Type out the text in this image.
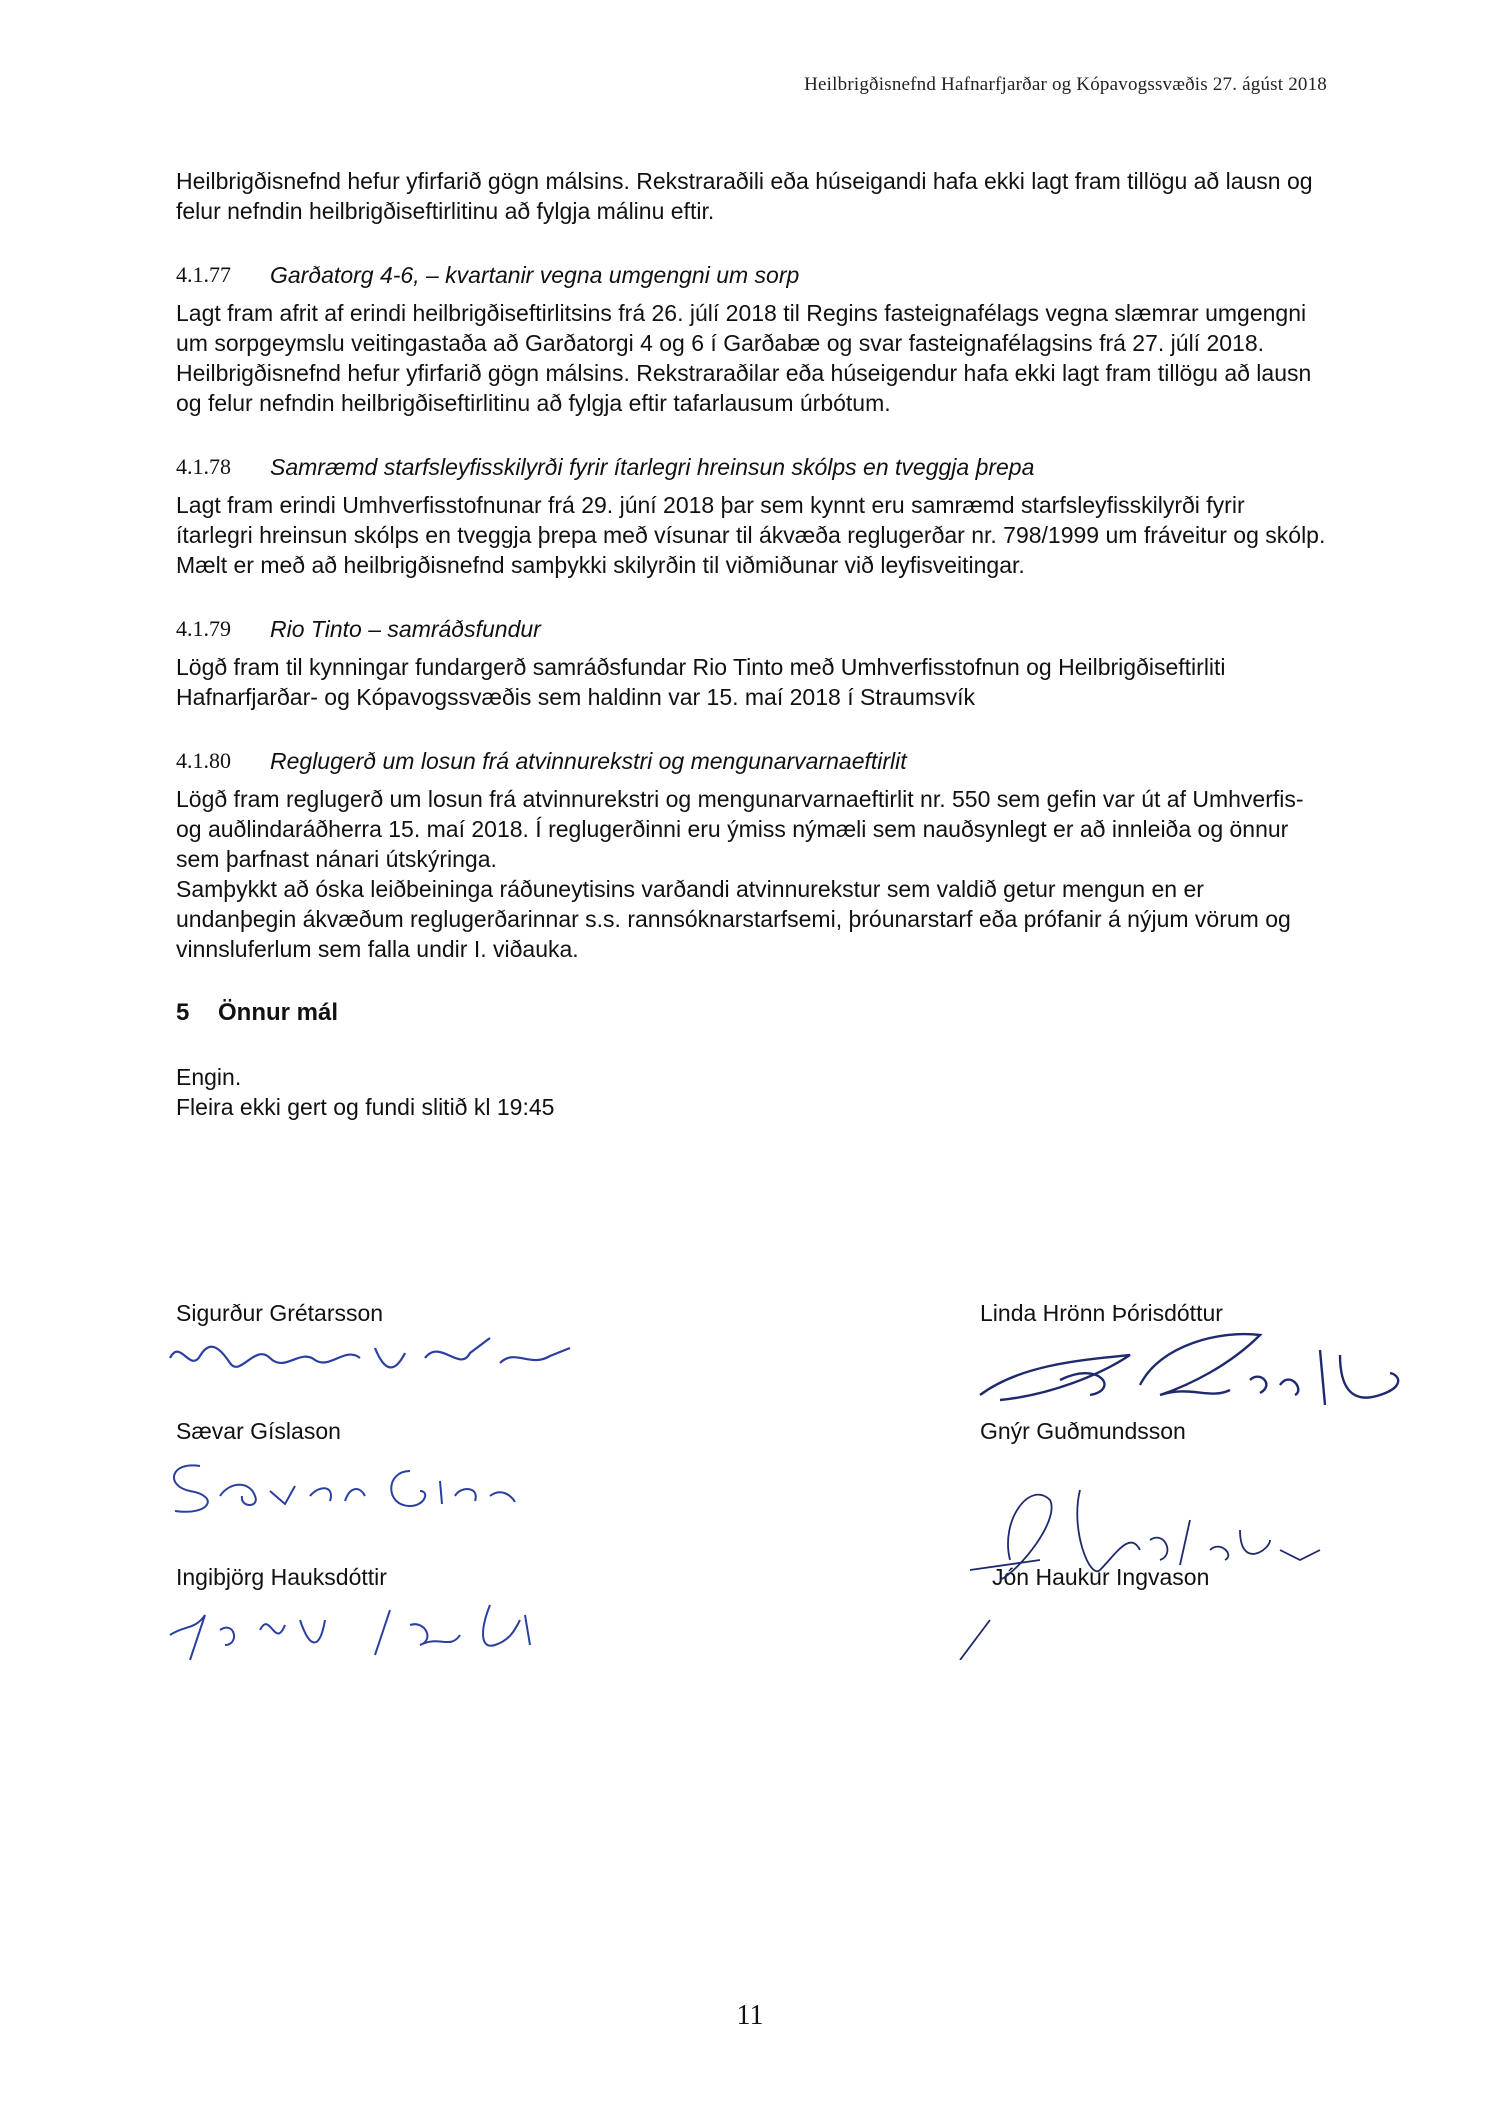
Heilbrigðisnefnd Hafnarfjarðar og Kópavogssvæðis 27. ágúst 2018

Heilbrigðisnefnd hefur yfirfarið gögn málsins. Rekstraraðili eða húseigandi hafa ekki lagt fram tillögu að lausn og felur nefndin heilbrigðiseftirlitinu að fylgja málinu eftir.

4.1.77	Garðatorg 4-6, – kvartanir vegna umgengni um sorp

Lagt fram afrit af erindi heilbrigðiseftirlitsins frá 26. júlí 2018 til Regins fasteignafélags vegna slæmrar umgengni um sorpgeymslu veitingastaða að Garðatorgi 4 og 6 í Garðabæ og svar fasteignafélagsins frá 27. júlí 2018.

Heilbrigðisnefnd hefur yfirfarið gögn málsins. Rekstraraðilar eða húseigendur hafa ekki lagt fram tillögu að lausn og felur nefndin heilbrigðiseftirlitinu að fylgja eftir tafarlausum úrbótum.

4.1.78	Samræmd starfsleyfisskilyrði fyrir ítarlegri hreinsun skólps en tveggja þrepa

Lagt fram erindi Umhverfisstofnunar frá 29. júní 2018 þar sem kynnt eru samræmd starfsleyfisskilyrði fyrir ítarlegri hreinsun skólps en tveggja þrepa með vísunar til ákvæða reglugerðar nr. 798/1999 um fráveitur og skólp.

Mælt er með að heilbrigðisnefnd samþykki skilyrðin til viðmiðunar við leyfisveitingar.

4.1.79	Rio Tinto – samráðsfundur

Lögð fram til kynningar fundargerð samráðsfundar Rio Tinto með Umhverfisstofnun og Heilbrigðiseftirliti Hafnarfjarðar- og Kópavogssvæðis sem haldinn var 15. maí 2018 í Straumsvík

4.1.80	Reglugerð um losun frá atvinnurekstri og mengunarvarnaeftirlit

Lögð fram reglugerð um losun frá atvinnurekstri og mengunarvarnaeftirlit nr. 550 sem gefin var út af Umhverfis- og auðlindaráðherra 15. maí 2018. Í reglugerðinni eru ýmiss nýmæli sem nauðsynlegt er að innleiða og önnur sem þarfnast nánari útskýringa.

Samþykkt að óska leiðbeininga ráðuneytisins varðandi atvinnurekstur sem valdið getur mengun en er undanþegin ákvæðum reglugerðarinnar s.s. rannsóknarstarfsemi, þróunarstarf eða prófanir á nýjum vörum og vinnsluferlum sem falla undir I. viðauka.

5	Önnur mál

Engin.

Fleira ekki gert og fundi slitið kl 19:45

Sigurður Grétarsson
Sævar Gíslason
Ingibjörg Hauksdóttir
Linda Hrönn Þórisdóttur
Gnýr Guðmundsson
Jón Haukur Ingvason
11
